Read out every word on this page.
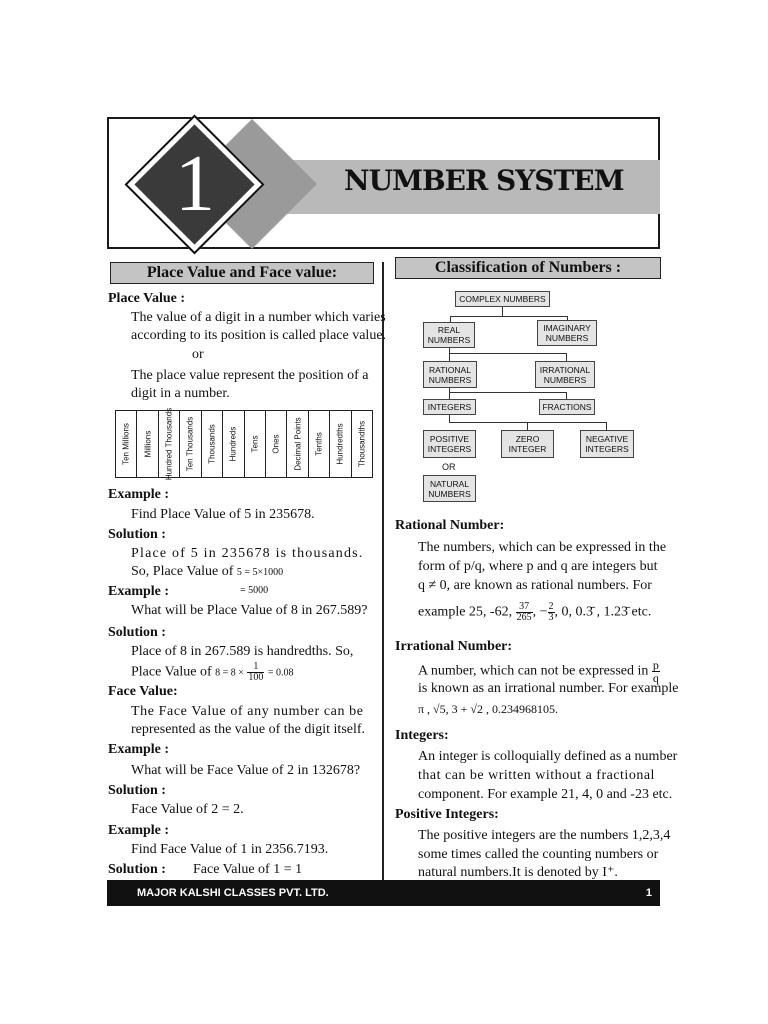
1	NUMBER SYSTEM
Place Value and Face value:	Classification of Numbers :
Place Value :
The value of a digit in a number which varies
according to its position is called place value.
or
The place value represent the position of a
digit in a number.
Ten Millions Millions Hundred Thousands Ten Thousands Thousands Hundreds Tens Ones Decimal Points Tenths Hundredths Thousandths
Example :
Find Place Value of 5 in 235678.
Solution :
Place of 5 in 235678 is thousands.
So, Place Value of 5 = 5×1000
= 5000
Example :
What will be Place Value of 8 in 267.589?
Solution :
Place of 8 in 267.589 is handredths. So,
Place Value of $8 = 8 \times \frac{1}{100} = 0.08$
Face Value:
The Face Value of any number can be
represented as the value of the digit itself.
Example :
What will be Face Value of 2 in 132678?
Solution :
Face Value of 2 = 2.
Example :
Find Face Value of 1 in 2356.7193.
Solution : Face Value of 1 = 1
COMPLEX NUMBERS
REAL NUMBERS
IMAGINARY NUMBERS
RATIONAL NUMBERS
IRRATIONAL NUMBERS
INTEGERS	FRACTIONS
POSITIVE INTEGERS
ZERO INTEGER
NEGATIVE INTEGERS
OR
NATURAL NUMBERS
Rational Number:
The numbers, which can be expressed in the
form of p/q, where p and q are integers but
q ≠ 0, are known as rational numbers. For
example 25, -62, $\frac{37}{265}$ , − $\frac{2}{3}$ , 0, 0.3̄ , 1.23̄ etc.
Irrational Number:
A number, which can not be expressed in $\frac{p}{q}$
is known as an irrational number. For example
π , √5, 3 + √2 , 0.234968105.
Integers:
An integer is colloquially defined as a number
that can be written without a fractional
component. For example 21, 4, 0 and -23 etc.
Positive Integers:
The positive integers are the numbers 1,2,3,4
some times called the counting numbers or
natural numbers.It is denoted by I⁺.
MAJOR KALSHI CLASSES PVT. LTD.	1
